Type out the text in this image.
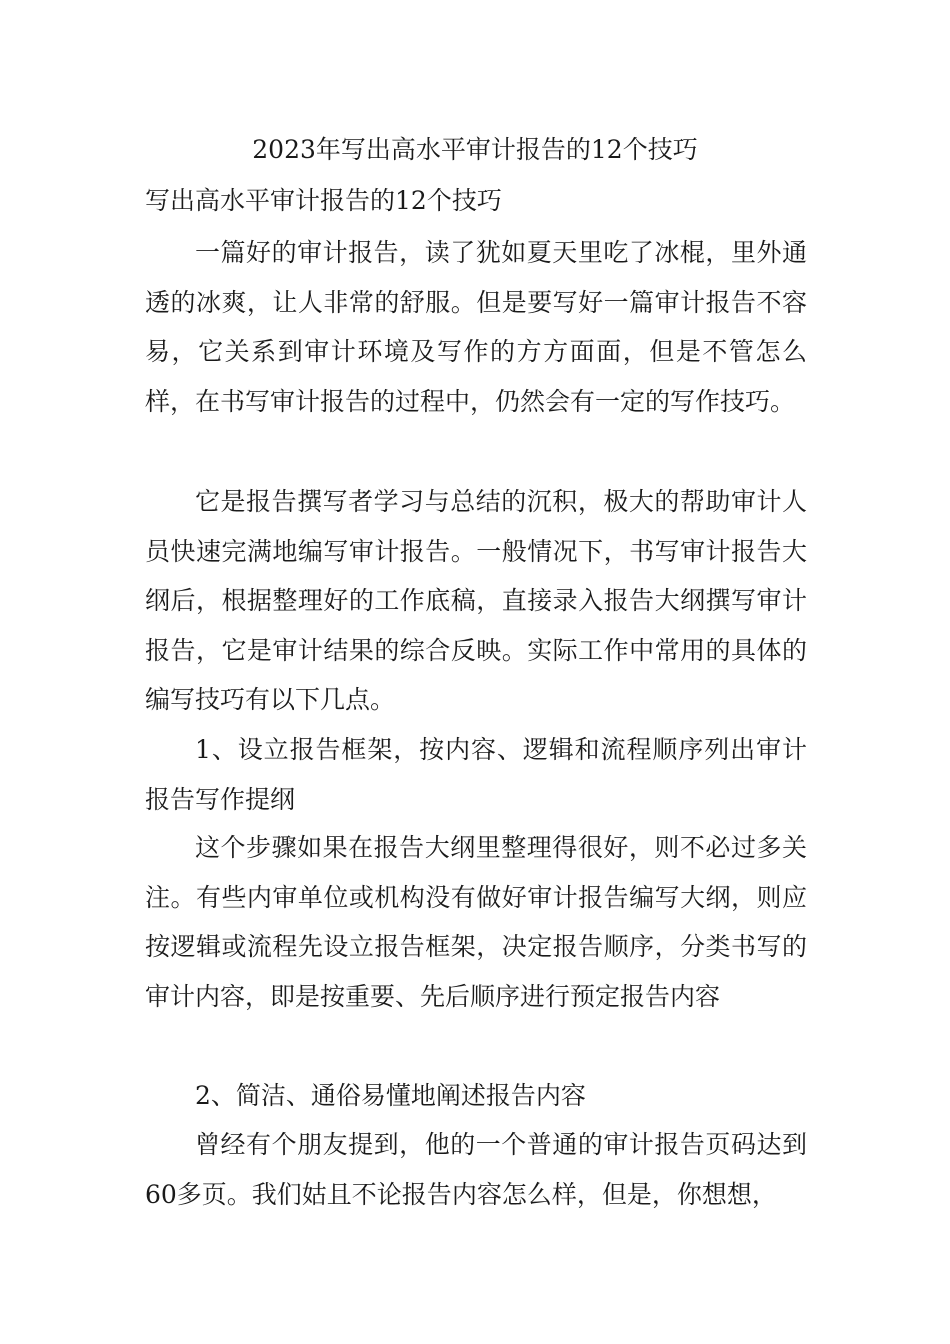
2023年写出高水平审计报告的12个技巧
写出高水平审计报告的12个技巧

一篇好的审计报告，读了犹如夏天里吃了冰棍，里外通透的冰爽，让人非常的舒服。但是要写好一篇审计报告不容易，它关系到审计环境及写作的方方面面，但是不管怎么样，在书写审计报告的过程中，仍然会有一定的写作技巧。

它是报告撰写者学习与总结的沉积，极大的帮助审计人员快速完满地编写审计报告。一般情况下，书写审计报告大纲后，根据整理好的工作底稿，直接录入报告大纲撰写审计报告，它是审计结果的综合反映。实际工作中常用的具体的编写技巧有以下几点。

1、设立报告框架，按内容、逻辑和流程顺序列出审计报告写作提纲

这个步骤如果在报告大纲里整理得很好，则不必过多关注。有些内审单位或机构没有做好审计报告编写大纲，则应按逻辑或流程先设立报告框架，决定报告顺序，分类书写的审计内容，即是按重要、先后顺序进行预定报告内容

2、简洁、通俗易懂地阐述报告内容

曾经有个朋友提到，他的一个普通的审计报告页码达到60多页。我们姑且不论报告内容怎么样，但是，你想想，
